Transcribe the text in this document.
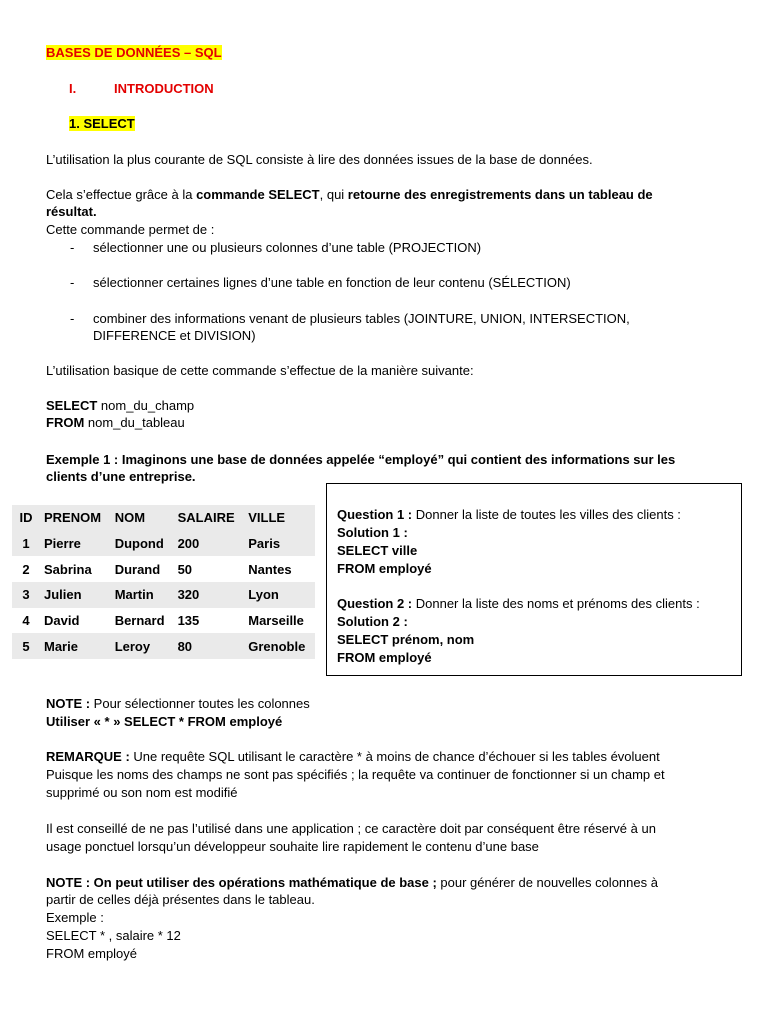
BASES DE DONNÉES – SQL
I.	INTRODUCTION
1. SELECT
L’utilisation la plus courante de SQL consiste à lire des données issues de la base de données.
Cela s’effectue grâce à la commande SELECT, qui retourne des enregistrements dans un tableau de
résultat.
Cette commande permet de :
- sélectionner une ou plusieurs colonnes d’une table (PROJECTION)
- sélectionner certaines lignes d’une table en fonction de leur contenu (SÉLECTION)
- combiner des informations venant de plusieurs tables (JOINTURE, UNION, INTERSECTION,
DIFFERENCE et DIVISION)
L’utilisation basique de cette commande s’effectue de la manière suivante:
SELECT nom_du_champ
FROM nom_du_tableau
Exemple 1 : Imaginons une base de données appelée “employé” qui contient des informations sur les
clients d’une entreprise.
ID	PRENOM	NOM	SALAIRE	VILLE
1	Pierre	Dupond	200	Paris
2	Sabrina	Durand	50	Nantes
3	Julien	Martin	320	Lyon
4	David	Bernard	135	Marseille
5	Marie	Leroy	80	Grenoble
Question 1 : Donner la liste de toutes les villes des clients :
Solution 1 :
SELECT ville
FROM employé
Question 2 : Donner la liste des noms et prénoms des clients :
Solution 2 :
SELECT prénom, nom
FROM employé
NOTE : Pour sélectionner toutes les colonnes
Utiliser « * » SELECT * FROM employé
REMARQUE : Une requête SQL utilisant le caractère * à moins de chance d’échouer si les tables évoluent
Puisque les noms des champs ne sont pas spécifiés ; la requête va continuer de fonctionner si un champ et
supprimé ou son nom est modifié
Il est conseillé de ne pas l’utilisé dans une application ; ce caractère doit par conséquent être réservé à un
usage ponctuel lorsqu’un développeur souhaite lire rapidement le contenu d’une base
NOTE : On peut utiliser des opérations mathématique de base ; pour générer de nouvelles colonnes à
partir de celles déjà présentes dans le tableau.
Exemple :
SELECT * , salaire * 12
FROM employé
